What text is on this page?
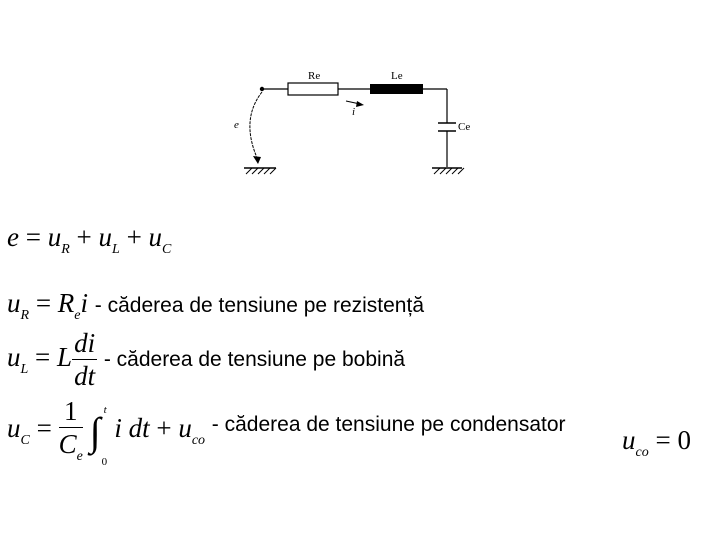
Re	Le
Ce
i
e
$e = u_R + u_L + u_C$
$u_R = R_ei$ - căderea de tensiune pe rezistență
$u_L = L \frac{di}{dt}$ - căderea de tensiune pe bobină
$u_C = \frac{1}{C_e}$ ∫ t
0
i dt + $u_{co}$ $^{- căderea de tensiune pe condensator}$
$u_{co} = 0$
